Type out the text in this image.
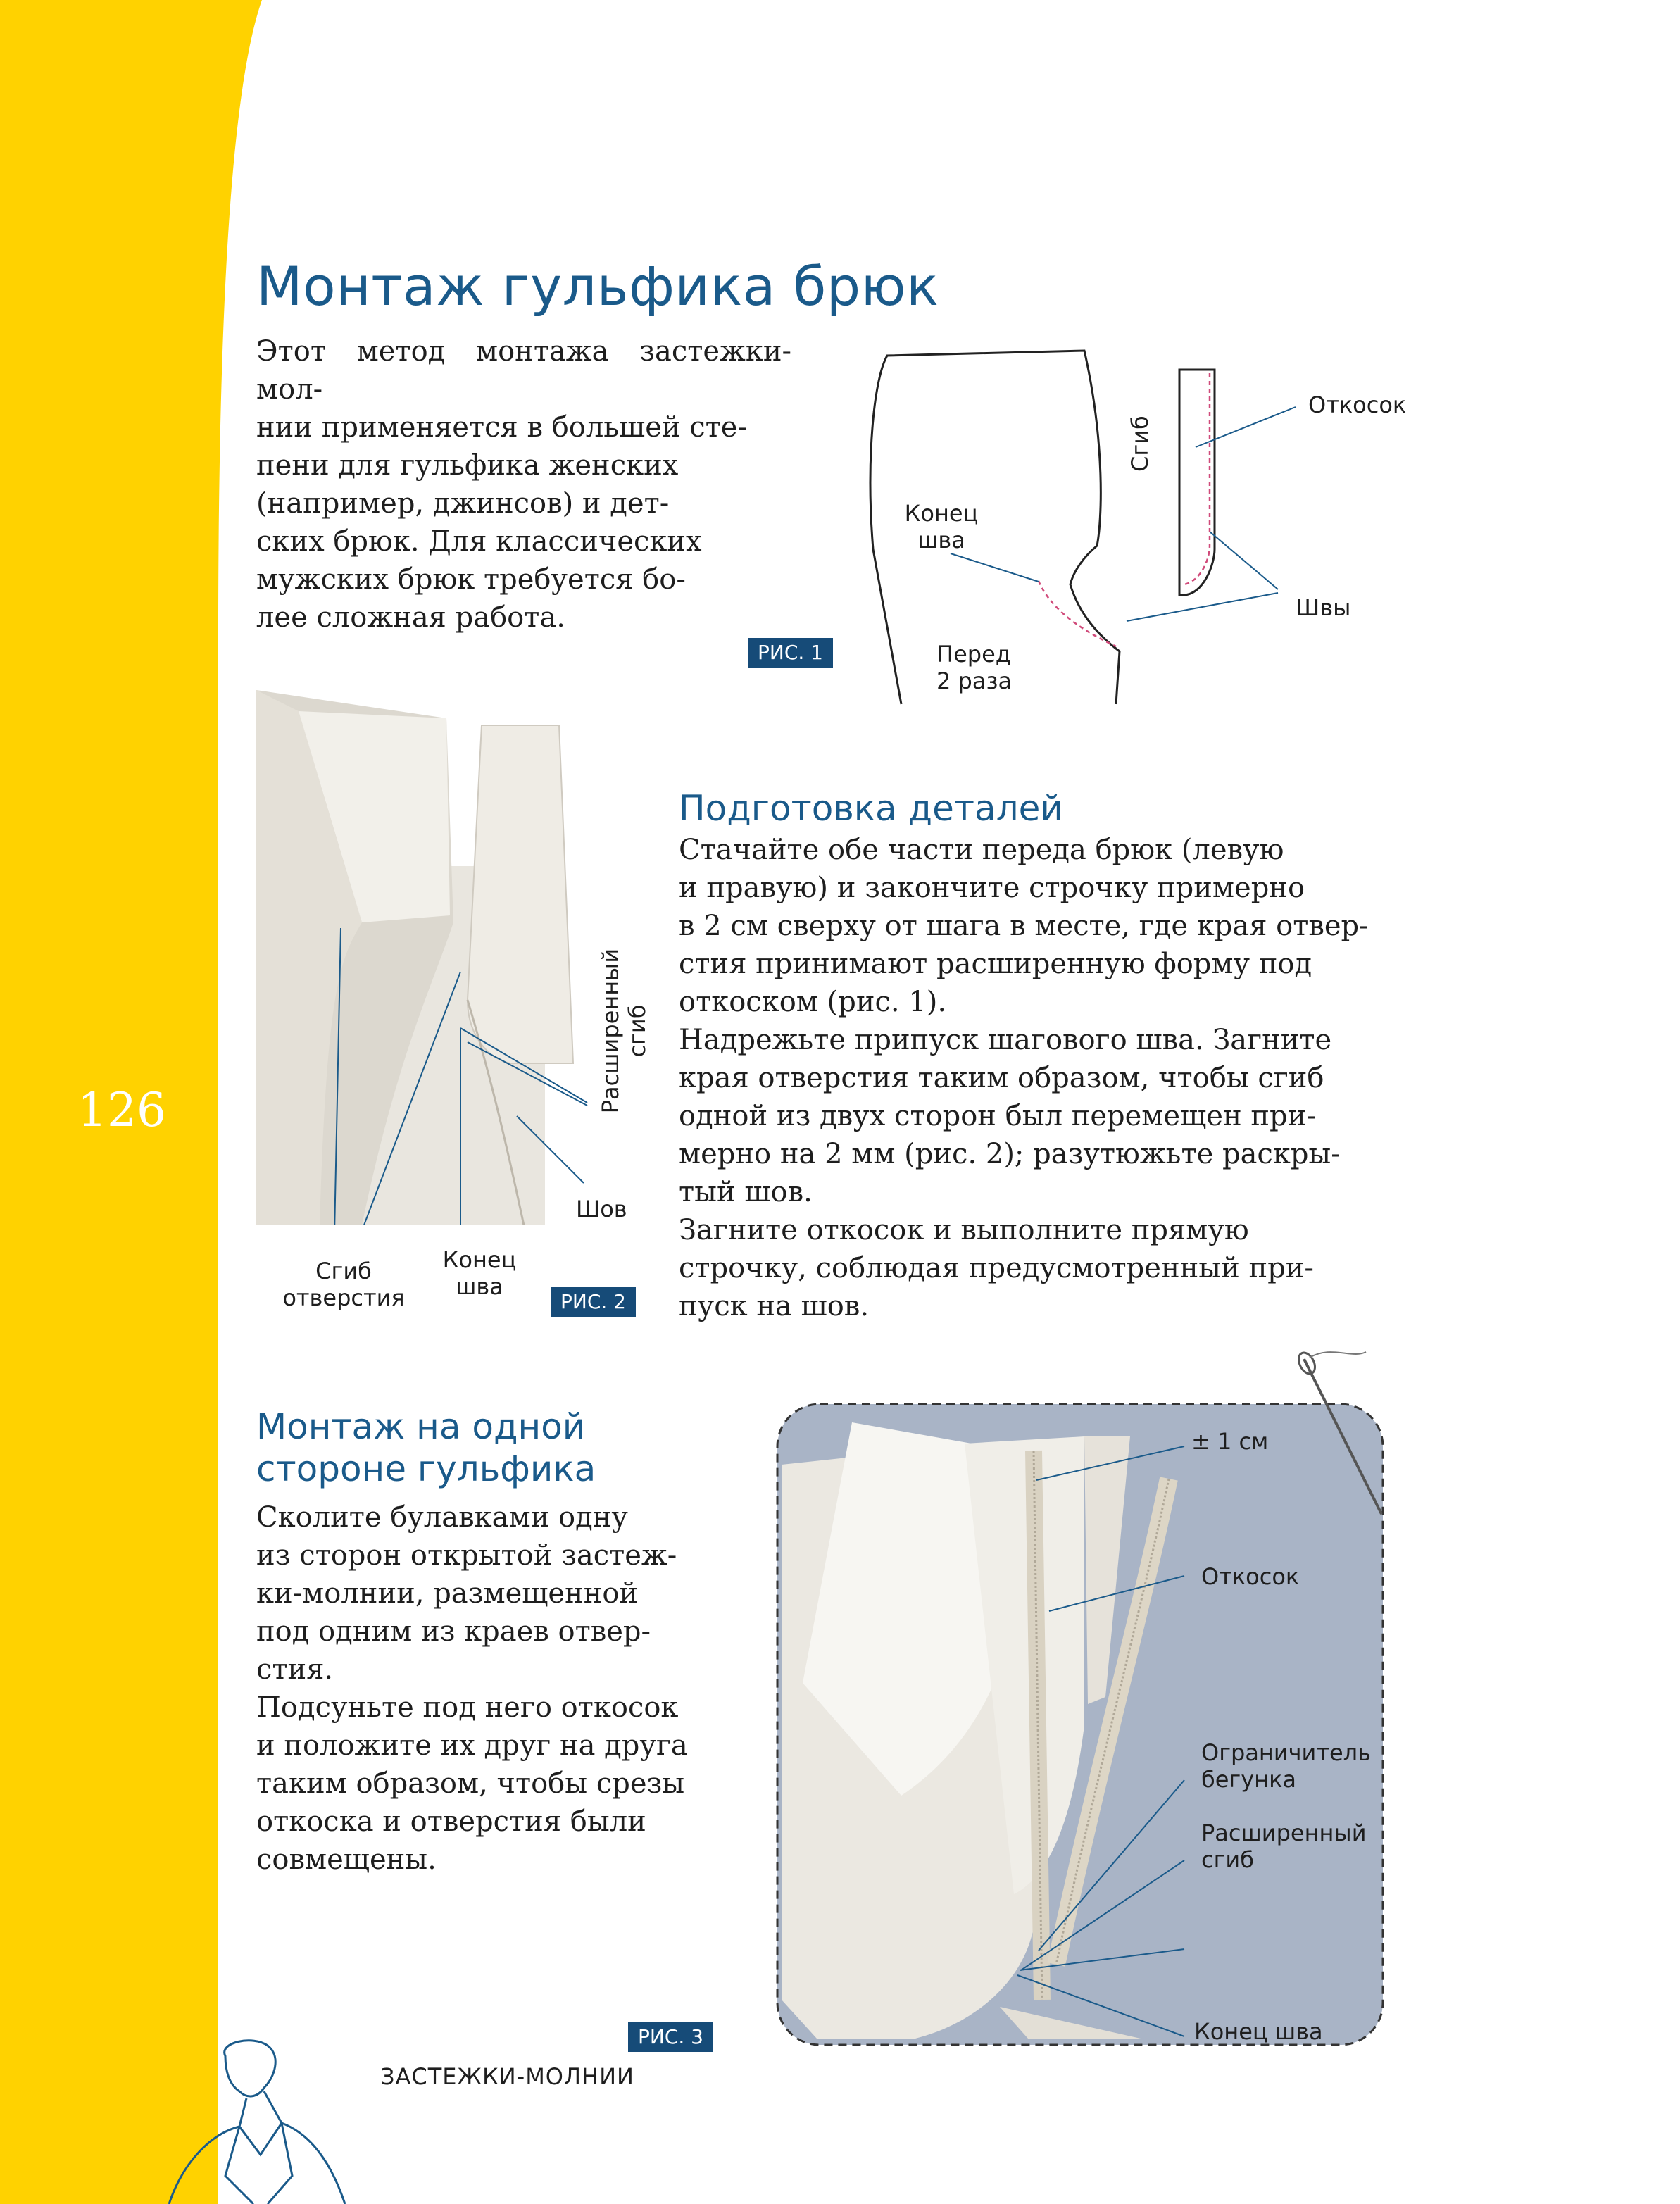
126
Монтаж гульфика брюк
Этот метод монтажа застежки-мол-
нии применяется в большей сте-
пени для гульфика женских
(например, джинсов) и дет-
ских брюк. Для классических
мужских брюк требуется бо-
лее сложная работа.
Конец
шва
Перед
2 раза
Сгиб
Откосок
Швы
РИС. 1
Сгиб
отверстия
Конец
шва
Шов
Расширенный сгиб
РИС. 2
Подготовка деталей
Стачайте обе части переда брюк (левую
и правую) и закончите строчку примерно
в 2 см сверху от шага в месте, где края отвер-
стия принимают расширенную форму под
откоском (рис. 1).
Надрежьте припуск шагового шва. Загните
края отверстия таким образом, чтобы сгиб
одной из двух сторон был перемещен при-
мерно на 2 мм (рис. 2); разутюжьте раскры-
тый шов.
Загните откосок и выполните прямую
строчку, соблюдая предусмотренный при-
пуск на шов.
Монтаж на одной
стороне гульфика
Сколите булавками одну
из сторон открытой застеж-
ки-молнии, размещенной
под одним из краев отвер-
стия.
Подсуньте под него откосок
и положите их друг на друга
таким образом, чтобы срезы
откоска и отверстия были
совмещены.
РИС. 3
± 1 см
Откосок
Ограничитель
бегунка
Расширенный
сгиб
Конец шва
ЗАСТЕЖКИ-МОЛНИИ
